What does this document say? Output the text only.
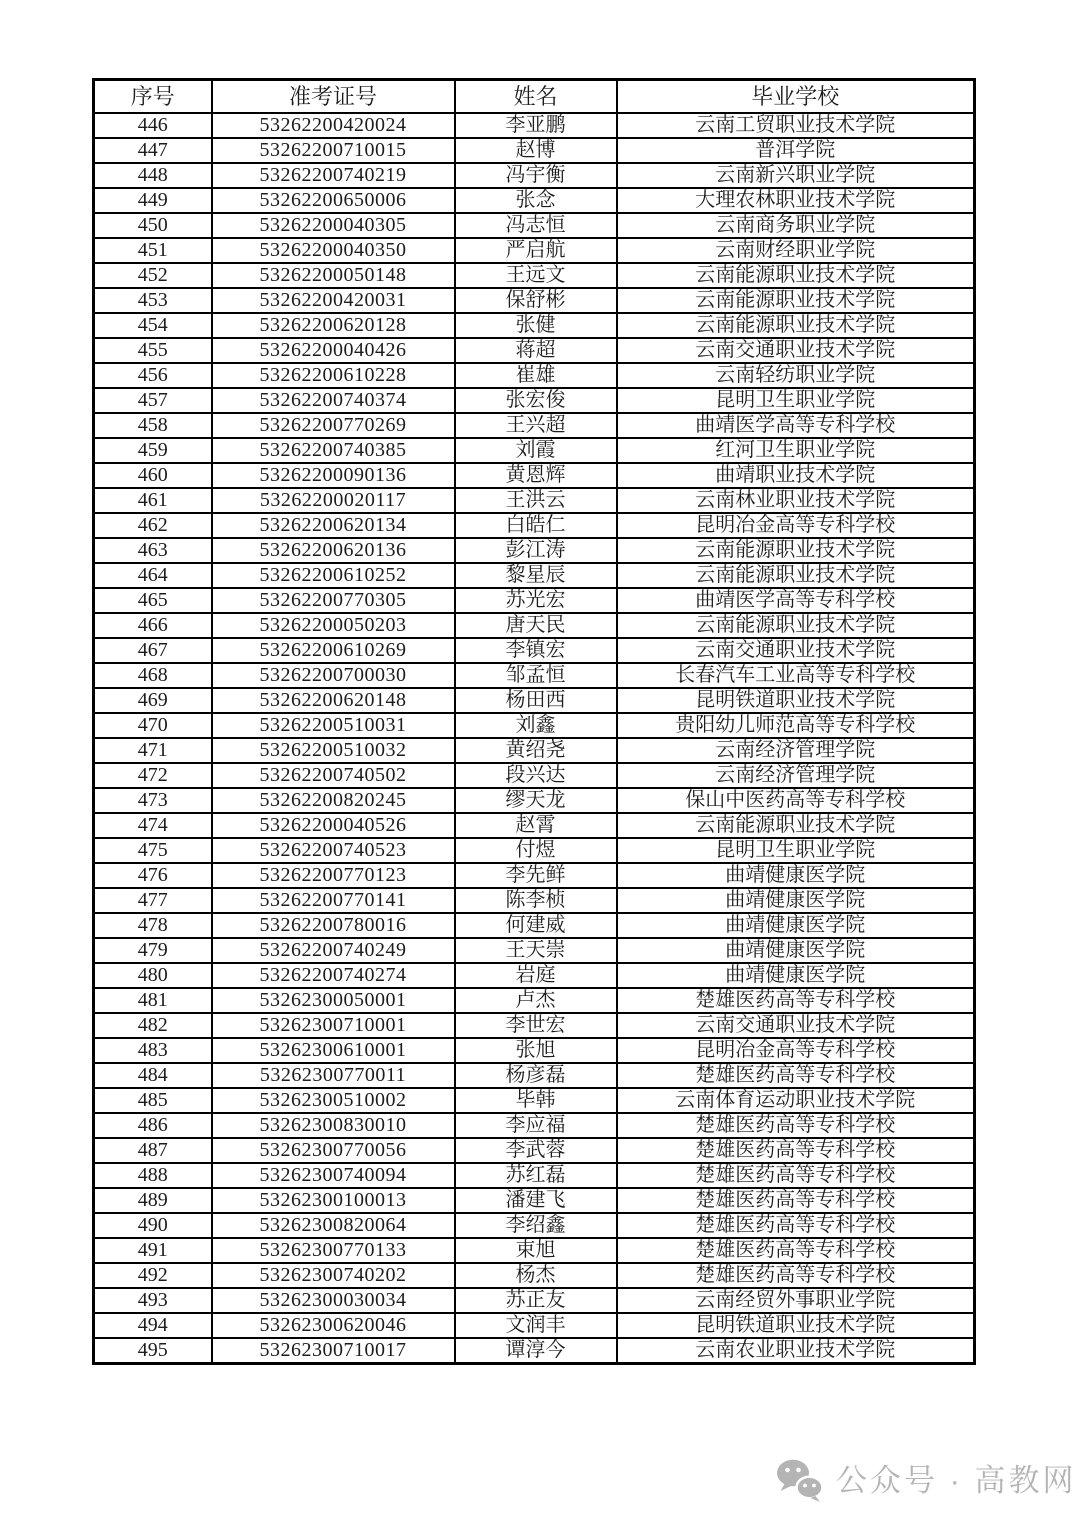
序号	准考证号	姓名	毕业学校
446	53262200420024	李亚鹏	云南工贸职业技术学院
447	53262200710015	赵博	普洱学院
448	53262200740219	冯宇衡	云南新兴职业学院
449	53262200650006	张念	大理农林职业技术学院
450	53262200040305	冯志恒	云南商务职业学院
451	53262200040350	严启航	云南财经职业学院
452	53262200050148	王远文	云南能源职业技术学院
453	53262200420031	保舒彬	云南能源职业技术学院
454	53262200620128	张健	云南能源职业技术学院
455	53262200040426	蒋超	云南交通职业技术学院
456	53262200610228	崔雄	云南轻纺职业学院
457	53262200740374	张宏俊	昆明卫生职业学院
458	53262200770269	王兴超	曲靖医学高等专科学校
459	53262200740385	刘霞	红河卫生职业学院
460	53262200090136	黄恩辉	曲靖职业技术学院
461	53262200020117	王洪云	云南林业职业技术学院
462	53262200620134	白皓仁	昆明冶金高等专科学校
463	53262200620136	彭江涛	云南能源职业技术学院
464	53262200610252	黎星辰	云南能源职业技术学院
465	53262200770305	苏光宏	曲靖医学高等专科学校
466	53262200050203	唐天民	云南能源职业技术学院
467	53262200610269	李镇宏	云南交通职业技术学院
468	53262200700030	邹孟恒	长春汽车工业高等专科学校
469	53262200620148	杨田西	昆明铁道职业技术学院
470	53262200510031	刘鑫	贵阳幼儿师范高等专科学校
471	53262200510032	黄绍尧	云南经济管理学院
472	53262200740502	段兴达	云南经济管理学院
473	53262200820245	缪天龙	保山中医药高等专科学校
474	53262200040526	赵霄	云南能源职业技术学院
475	53262200740523	付煜	昆明卫生职业学院
476	53262200770123	李先鲜	曲靖健康医学院
477	53262200770141	陈李桢	曲靖健康医学院
478	53262200780016	何建威	曲靖健康医学院
479	53262200740249	王天崇	曲靖健康医学院
480	53262200740274	岩庭	曲靖健康医学院
481	53262300050001	卢杰	楚雄医药高等专科学校
482	53262300710001	李世宏	云南交通职业技术学院
483	53262300610001	张旭	昆明冶金高等专科学校
484	53262300770011	杨彦磊	楚雄医药高等专科学校
485	53262300510002	毕韩	云南体育运动职业技术学院
486	53262300830010	李应福	楚雄医药高等专科学校
487	53262300770056	李武蓉	楚雄医药高等专科学校
488	53262300740094	苏红磊	楚雄医药高等专科学校
489	53262300100013	潘建飞	楚雄医药高等专科学校
490	53262300820064	李绍鑫	楚雄医药高等专科学校
491	53262300770133	束旭	楚雄医药高等专科学校
492	53262300740202	杨杰	楚雄医药高等专科学校
493	53262300030034	苏正友	云南经贸外事职业学院
494	53262300620046	文润丰	昆明铁道职业技术学院
495	53262300710017	谭淳今	云南农业职业技术学院
公众号 · 高教网
